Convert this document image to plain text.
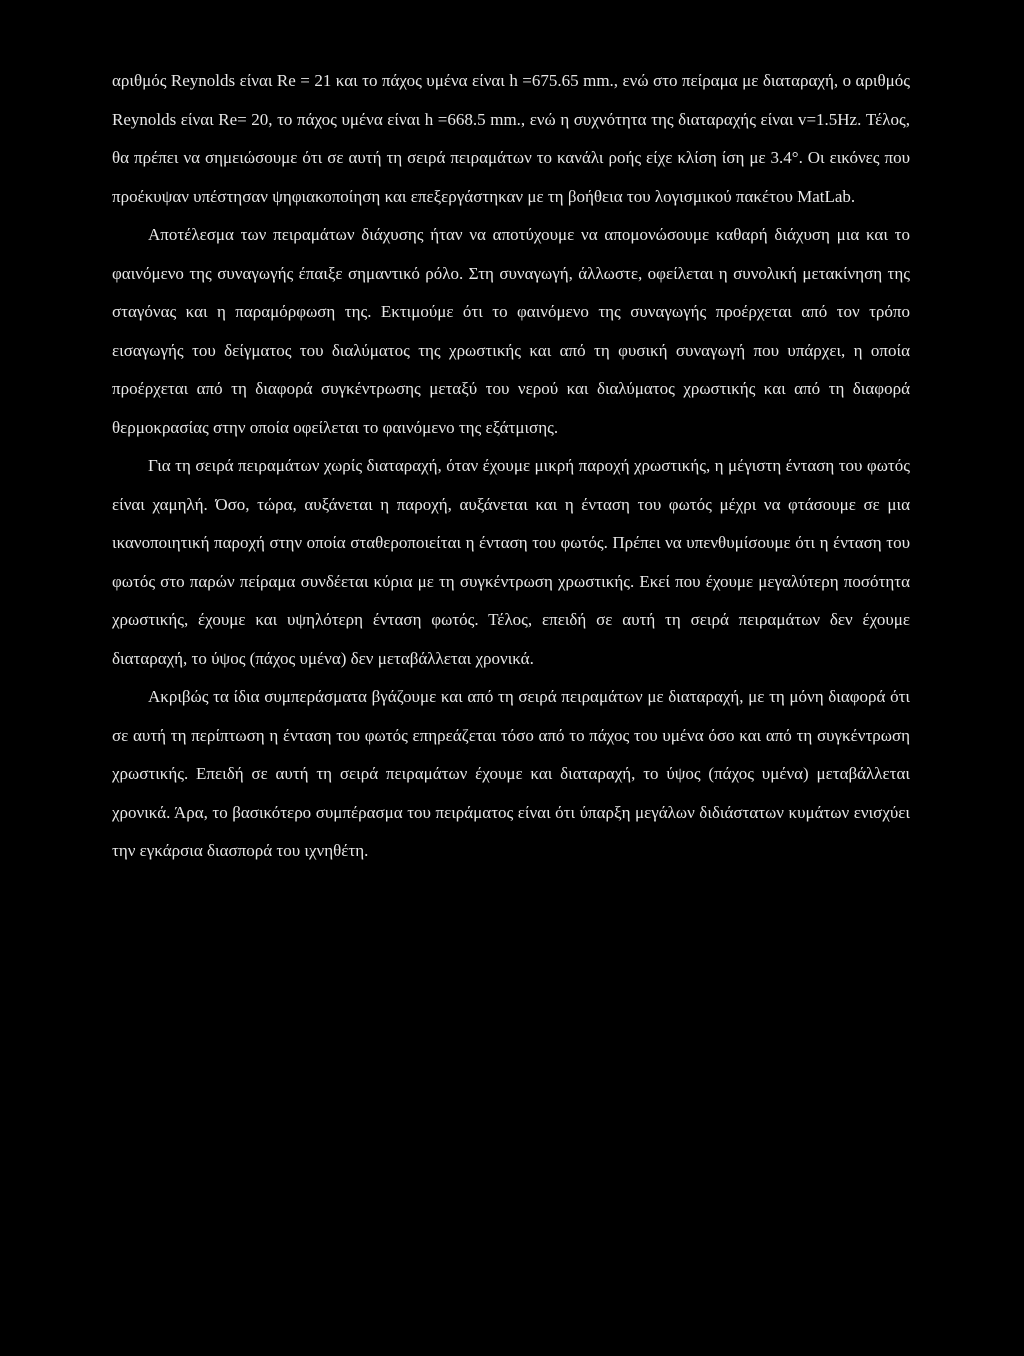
αριθμός Reynolds είναι Re = 21 και το πάχος υμένα είναι h =675.65 mm., ενώ στο πείραμα με διαταραχή, ο αριθμός Reynolds είναι Re= 20, το πάχος υμένα είναι h =668.5 mm., ενώ η συχνότητα της διαταραχής είναι v=1.5Hz. Τέλος, θα πρέπει να σημειώσουμε ότι σε αυτή τη σειρά πειραμάτων το κανάλι ροής είχε κλίση ίση με 3.4°. Οι εικόνες που προέκυψαν υπέστησαν ψηφιακοποίηση και επεξεργάστηκαν με τη βοήθεια του λογισμικού πακέτου MatLab.

Αποτέλεσμα των πειραμάτων διάχυσης ήταν να αποτύχουμε να απομονώσουμε καθαρή διάχυση μια και το φαινόμενο της συναγωγής έπαιξε σημαντικό ρόλο. Στη συναγωγή, άλλωστε, οφείλεται η συνολική μετακίνηση της σταγόνας και η παραμόρφωση της. Εκτιμούμε ότι το φαινόμενο της συναγωγής προέρχεται από τον τρόπο εισαγωγής του δείγματος του διαλύματος της χρωστικής και από τη φυσική συναγωγή που υπάρχει, η οποία προέρχεται από τη διαφορά συγκέντρωσης μεταξύ του νερού και διαλύματος χρωστικής και από τη διαφορά θερμοκρασίας στην οποία οφείλεται το φαινόμενο της εξάτμισης.

Για τη σειρά πειραμάτων χωρίς διαταραχή, όταν έχουμε μικρή παροχή χρωστικής, η μέγιστη ένταση του φωτός είναι χαμηλή. Όσο, τώρα, αυξάνεται η παροχή, αυξάνεται και η ένταση του φωτός μέχρι να φτάσουμε σε μια ικανοποιητική παροχή στην οποία σταθεροποιείται η ένταση του φωτός. Πρέπει να υπενθυμίσουμε ότι η ένταση του φωτός στο παρών πείραμα συνδέεται κύρια με τη συγκέντρωση χρωστικής. Εκεί που έχουμε μεγαλύτερη ποσότητα χρωστικής, έχουμε και υψηλότερη ένταση φωτός. Τέλος, επειδή σε αυτή τη σειρά πειραμάτων δεν έχουμε διαταραχή, το ύψος (πάχος υμένα) δεν μεταβάλλεται χρονικά.

Ακριβώς τα ίδια συμπεράσματα βγάζουμε και από τη σειρά πειραμάτων με διαταραχή, με τη μόνη διαφορά ότι σε αυτή τη περίπτωση η ένταση του φωτός επηρεάζεται τόσο από το πάχος του υμένα όσο και από τη συγκέντρωση χρωστικής. Επειδή σε αυτή τη σειρά πειραμάτων έχουμε και διαταραχή, το ύψος (πάχος υμένα) μεταβάλλεται χρονικά. Άρα, το βασικότερο συμπέρασμα του πειράματος είναι ότι ύπαρξη μεγάλων διδιάστατων κυμάτων ενισχύει την εγκάρσια διασπορά του ιχνηθέτη.
